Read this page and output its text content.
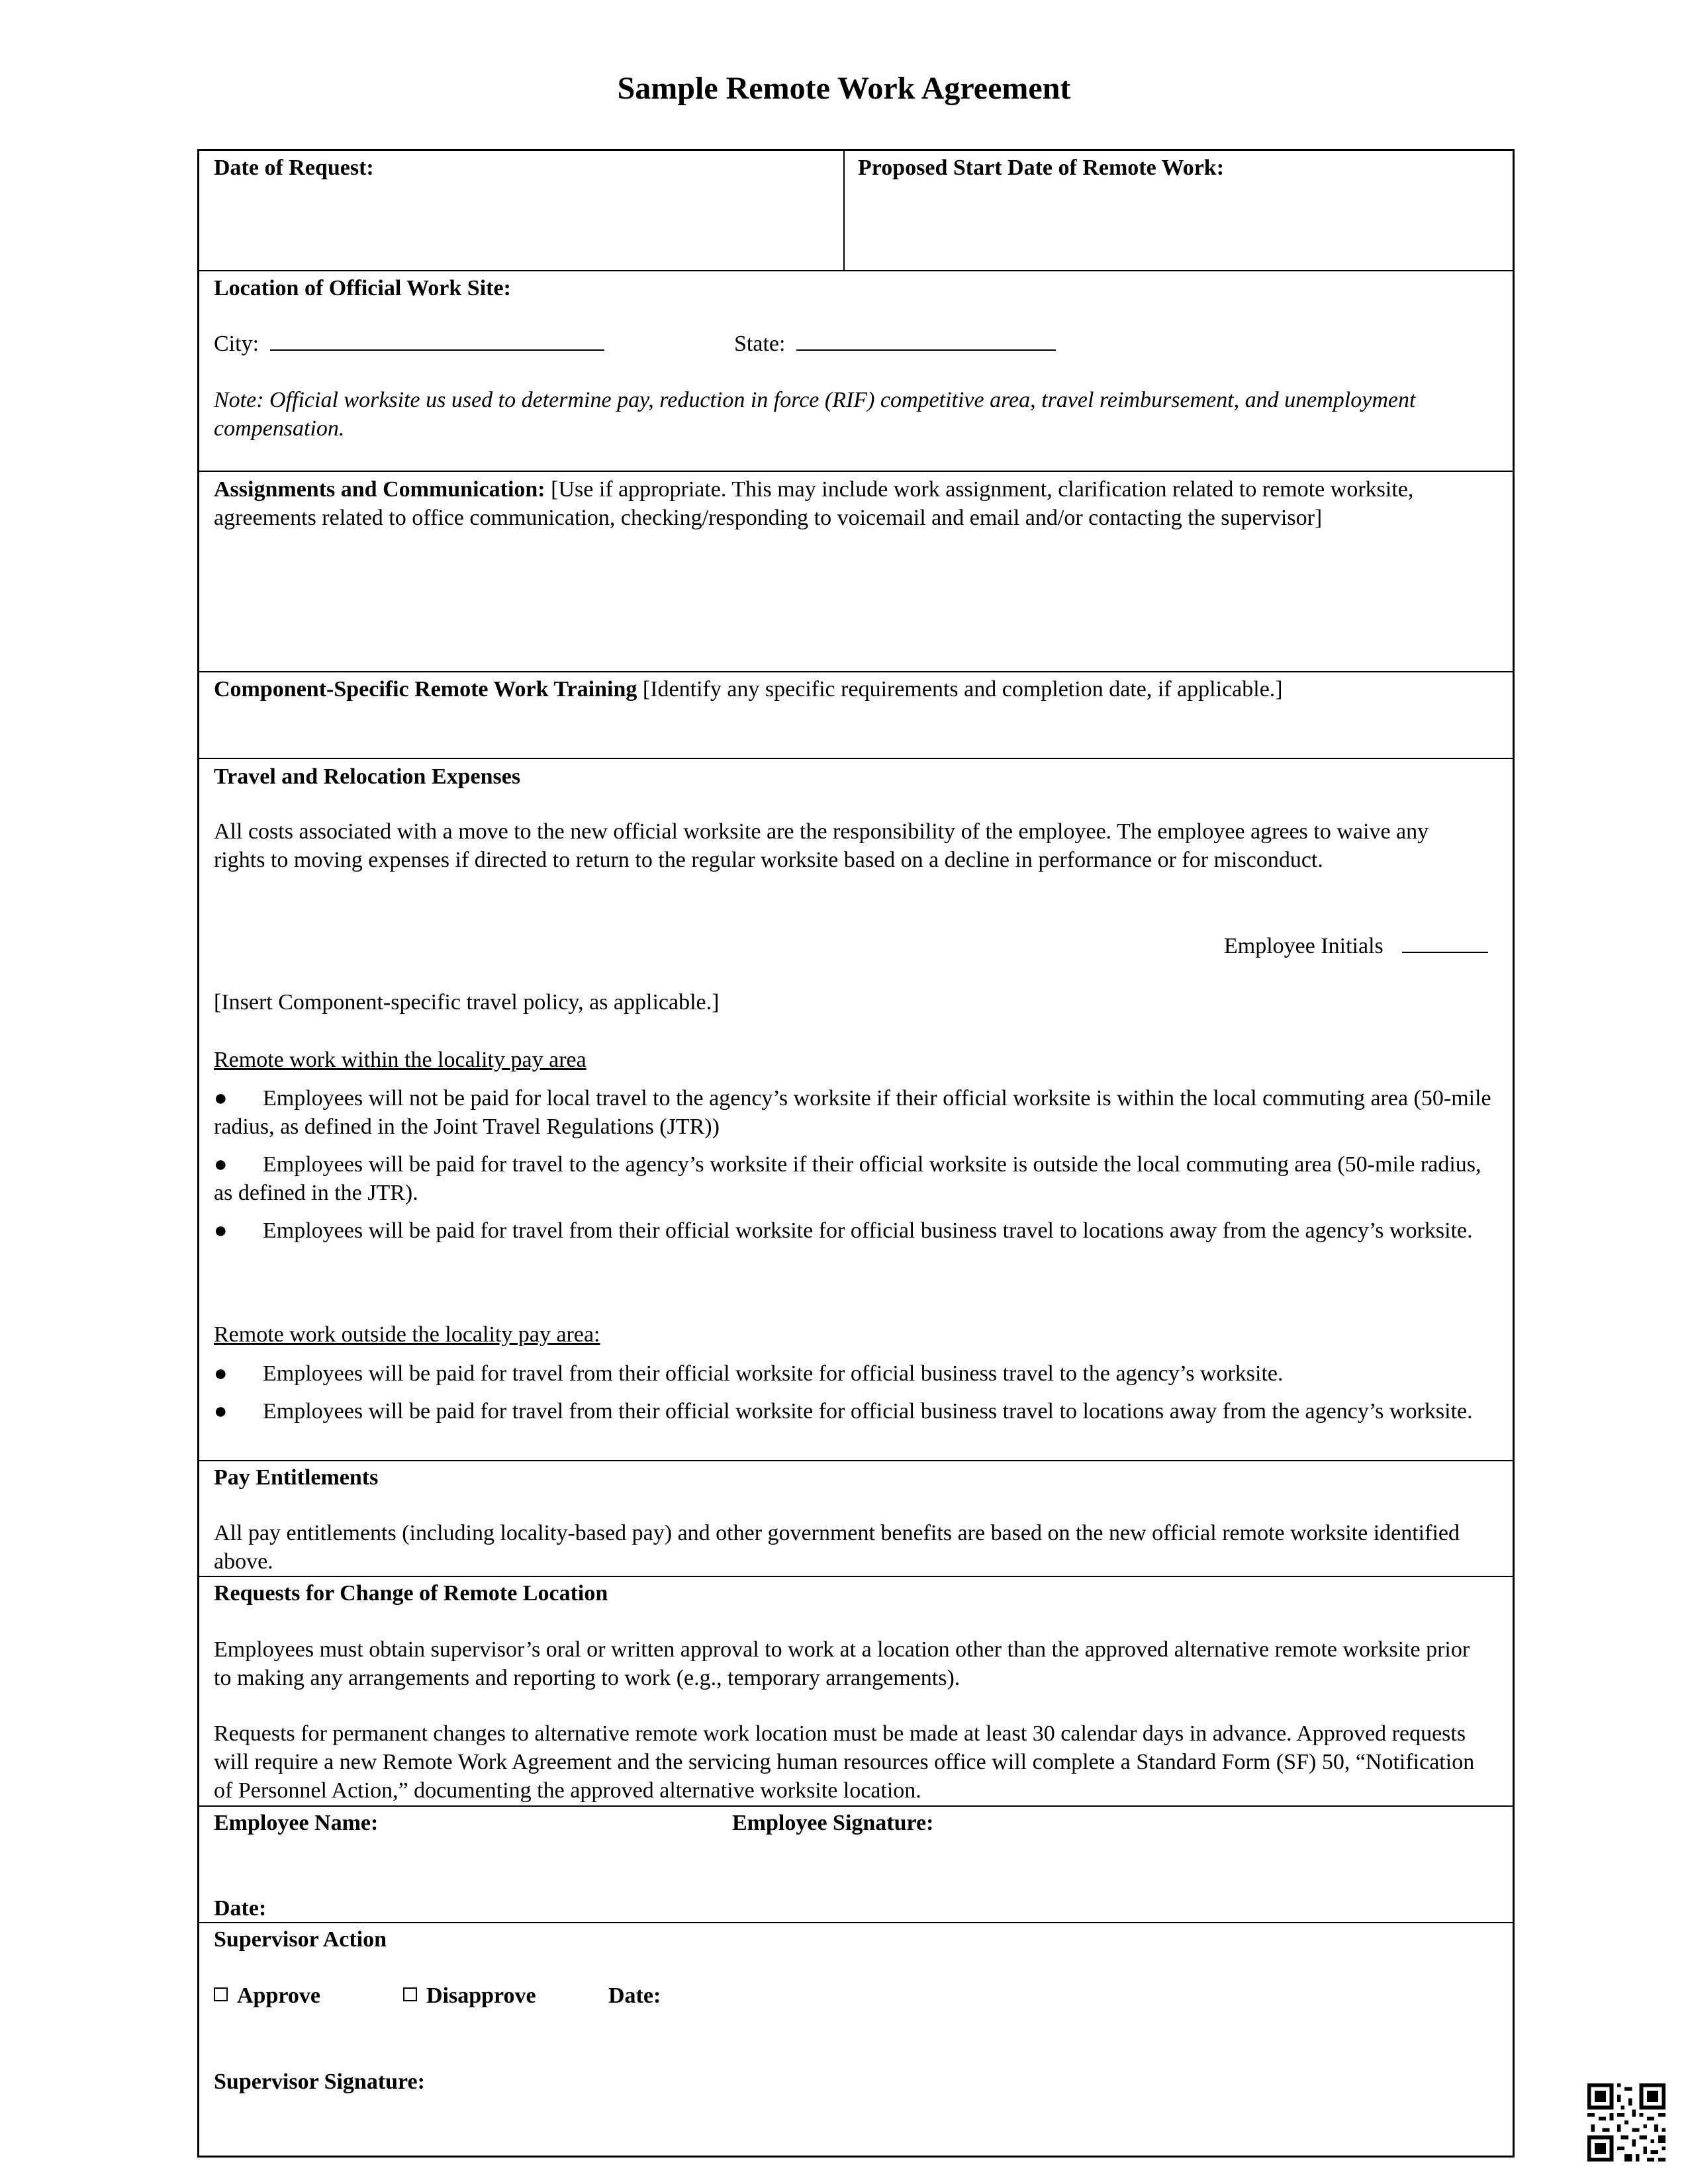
Sample Remote Work Agreement
Date of Request:	Proposed Start Date of Remote Work:
Location of Official Work Site:
City:	State:
Note: Official worksite us used to determine pay, reduction in force (RIF) competitive area, travel reimbursement, and unemployment compensation.
Assignments and Communication: [Use if appropriate. This may include work assignment, clarification related to remote worksite, agreements related to office communication, checking/responding to voicemail and email and/or contacting the supervisor]
Component-Specific Remote Work Training [Identify any specific requirements and completion date, if applicable.]
Travel and Relocation Expenses
All costs associated with a move to the new official worksite are the responsibility of the employee. The employee agrees to waive any rights to moving expenses if directed to return to the regular worksite based on a decline in performance or for misconduct.
Employee Initials
[Insert Component-specific travel policy, as applicable.]
Remote work within the locality pay area
●	Employees will not be paid for local travel to the agency’s worksite if their official worksite is within the local commuting area (50-mile radius, as defined in the Joint Travel Regulations (JTR))
●	Employees will be paid for travel to the agency’s worksite if their official worksite is outside the local commuting area (50-mile radius, as defined in the JTR).
●	Employees will be paid for travel from their official worksite for official business travel to locations away from the agency’s worksite.
Remote work outside the locality pay area:
●	Employees will be paid for travel from their official worksite for official business travel to the agency’s worksite.
●	Employees will be paid for travel from their official worksite for official business travel to locations away from the agency’s worksite.
Pay Entitlements
All pay entitlements (including locality-based pay) and other government benefits are based on the new official remote worksite identified above.
Requests for Change of Remote Location
Employees must obtain supervisor’s oral or written approval to work at a location other than the approved alternative remote worksite prior to making any arrangements and reporting to work (e.g., temporary arrangements).
Requests for permanent changes to alternative remote work location must be made at least 30 calendar days in advance. Approved requests will require a new Remote Work Agreement and the servicing human resources office will complete a Standard Form (SF) 50, “Notification of Personnel Action,” documenting the approved alternative worksite location.
Employee Name:	Employee Signature:
Date:
Supervisor Action
Approve	Disapprove	Date:
Supervisor Signature:
